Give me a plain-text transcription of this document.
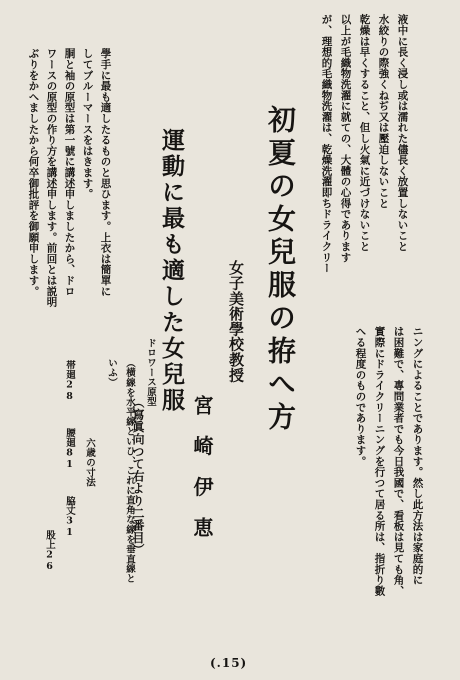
液中に長く浸し或は濡れた儘長く放置しないこと
水絞りの際強くねぢ又は壓迫しないこと
乾燥は早くすること、但し火氣に近づけないこと
以上が毛織物洗濯に就ての、大體の心得であります
が、理想的毛織物洗濯は、乾燥洗濯即ちドライクリー
初夏の女兒服の拵へ方
女子美術學校教授
宮　崎　伊　恵
運動に最も適した女兒服
（寫眞向つて右より二番目）
學手に最も適したるものと思ひます。上衣は簡單に
してブルーマースをはきます。
胴と袖の原型は第一號に講述申しましたから、ドロ
ワースの原型の作り方を講述申します。前回とは説明
ぶりをかへましたから何卒御批評を御願申します。
ニングによることであります。然し此方法は家庭的に
は困難で、專問業者でも今日我國で、看板は見ても角、
實際にドライクリーニングを行つて居る所は、指折り數
へる程度のものであります。
ドロワース原型
（横線を水平線といひ、これに直角な線を垂直線と
いふ）
六歳の寸法
帯廻28
腰廻81
脇丈31
股上26
(.15)
